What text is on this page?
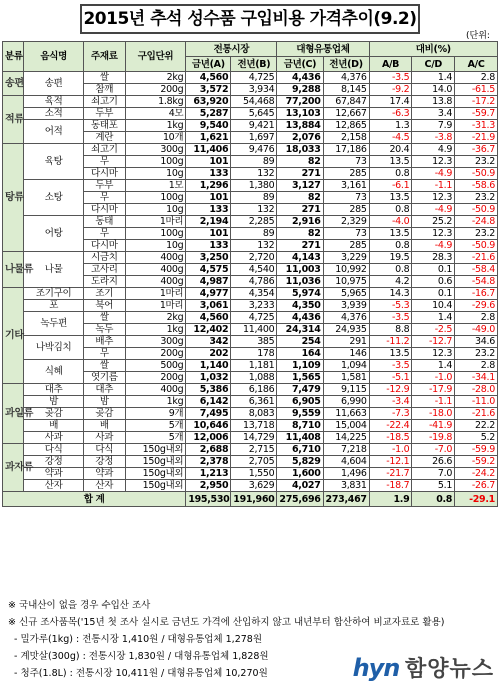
2015년 추석 성수품 구입비용 가격추이(9.2)
(단위:
분류	음식명	주재료	구입단위	전통시장		대형유통업체		대비(%)		
				금년(A)	전년(B)	금년(C)	전년(D)	A/B	C/D	A/C
송편	송편	쌀	2kg	4,560	4,725	4,436	4,376	-3.5	1.4	2.8
		참깨	200g	3,572	3,934	9,288	8,145	-9.2	14.0	-61.5
적류	육적	쇠고기	1.8kg	63,920	54,468	77,200	67,847	17.4	13.8	-17.2
	소적	두부	4모	5,287	5,645	13,103	12,667	-6.3	3.4	-59.7
	어적	동태포	1kg	9,540	9,421	13,884	12,865	1.3	7.9	-31.3
		계란	10개	1,621	1,697	2,076	2,158	-4.5	-3.8	-21.9
탕류	육탕	쇠고기	300g	11,406	9,476	18,033	17,186	20.4	4.9	-36.7
		무	100g	101	89	82	73	13.5	12.3	23.2
		다시마	10g	133	132	271	285	0.8	-4.9	-50.9
	소탕	두부	1모	1,296	1,380	3,127	3,161	-6.1	-1.1	-58.6
		무	100g	101	89	82	73	13.5	12.3	23.2
		다시마	10g	133	132	271	285	0.8	-4.9	-50.9
	어탕	동태	1마리	2,194	2,285	2,916	2,329	-4.0	25.2	-24.8
		무	100g	101	89	82	73	13.5	12.3	23.2
		다시마	10g	133	132	271	285	0.8	-4.9	-50.9
나물류	나물	시금치	400g	3,250	2,720	4,143	3,229	19.5	28.3	-21.6
		고사리	400g	4,575	4,540	11,003	10,992	0.8	0.1	-58.4
		도라지	400g	4,987	4,786	11,036	10,975	4.2	0.6	-54.8
기타	조기구이	조기	1마리	4,977	4,354	5,974	5,965	14.3	0.1	-16.7
	포	북어	1마리	3,061	3,233	4,350	3,939	-5.3	10.4	-29.6
	녹두편	쌀	2kg	4,560	4,725	4,436	4,376	-3.5	1.4	2.8
		녹두	1kg	12,402	11,400	24,314	24,935	8.8	-2.5	-49.0
	나박김치	배추	300g	342	385	254	291	-11.2	-12.7	34.6
		무	200g	202	178	164	146	13.5	12.3	23.2
	식혜	쌀	500g	1,140	1,181	1,109	1,094	-3.5	1.4	2.8
		엿기름	200g	1,032	1,088	1,565	1,581	-5.1	-1.0	-34.1
과일류	대추	대추	400g	5,386	6,186	7,479	9,115	-12.9	-17.9	-28.0
	밤	밤	1kg	6,142	6,361	6,905	6,990	-3.4	-1.1	-11.0
	곶감	곶감	9개	7,495	8,083	9,559	11,663	-7.3	-18.0	-21.6
	배	배	5개	10,646	13,718	8,710	15,004	-22.4	-41.9	22.2
	사과	사과	5개	12,006	14,729	11,408	14,225	-18.5	-19.8	5.2
과자류	다식	다식	150g내외	2,688	2,715	6,710	7,218	-1.0	-7.0	-59.9
	강정	강정	150g내외	2,378	2,705	5,829	4,604	-12.1	26.6	-59.2
	약과	약과	150g내외	1,213	1,550	1,600	1,496	-21.7	7.0	-24.2
	산자	산자	150g내외	2,950	3,629	4,027	3,831	-18.7	5.1	-26.7
합 계				195,530	191,960	275,696	273,467	1.9	0.8	-29.1
※ 국내산이 없을 경우 수입산 조사
※ 신규 조사품목('15년 첫 조사 실시로 금년도 가격에 산입하지 않고 내년부터 합산하여 비교자료로 활용)
- 밀가루(1kg) : 전통시장 1,410원 / 대형유통업체 1,278원
- 계맛살(300g) : 전통시장 1,830원 / 대형유통업체 1,828원
- 청주(1.8L) : 전통시장 10,411원 / 대형유통업체 10,270원	hyn 함양뉴스
